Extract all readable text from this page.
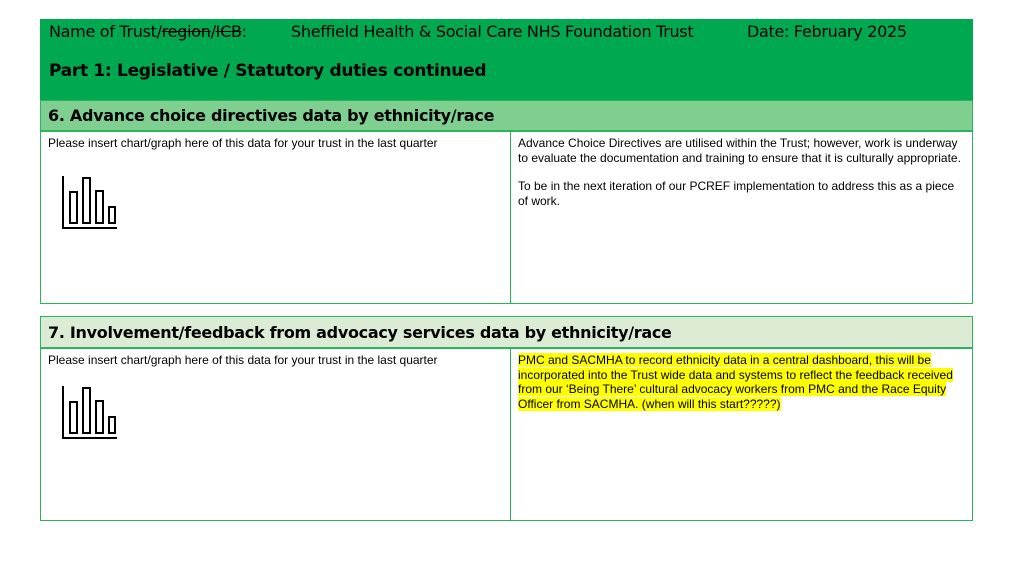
Name of Trust/region/ICB:	Sheffield Health & Social Care NHS Foundation Trust	Date: February 2025
Part 1: Legislative / Statutory duties continued
6. Advance choice directives data by ethnicity/race

Please insert chart/graph here of this data for your trust in the last quarter	Advance Choice Directives are utilised within the Trust; however, work is underway to evaluate the documentation and training to ensure that it is culturally appropriate.

To be in the next iteration of our PCREF implementation to address this as a piece of work.

7. Involvement/feedback from advocacy services data by ethnicity/race

Please insert chart/graph here of this data for your trust in the last quarter	PMC and SACMHA to record ethnicity data in a central dashboard, this will be incorporated into the Trust wide data and systems to reflect the feedback received from our ‘Being There’ cultural advocacy workers from PMC and the Race Equity Officer from SACMHA. (when will this start?????)
